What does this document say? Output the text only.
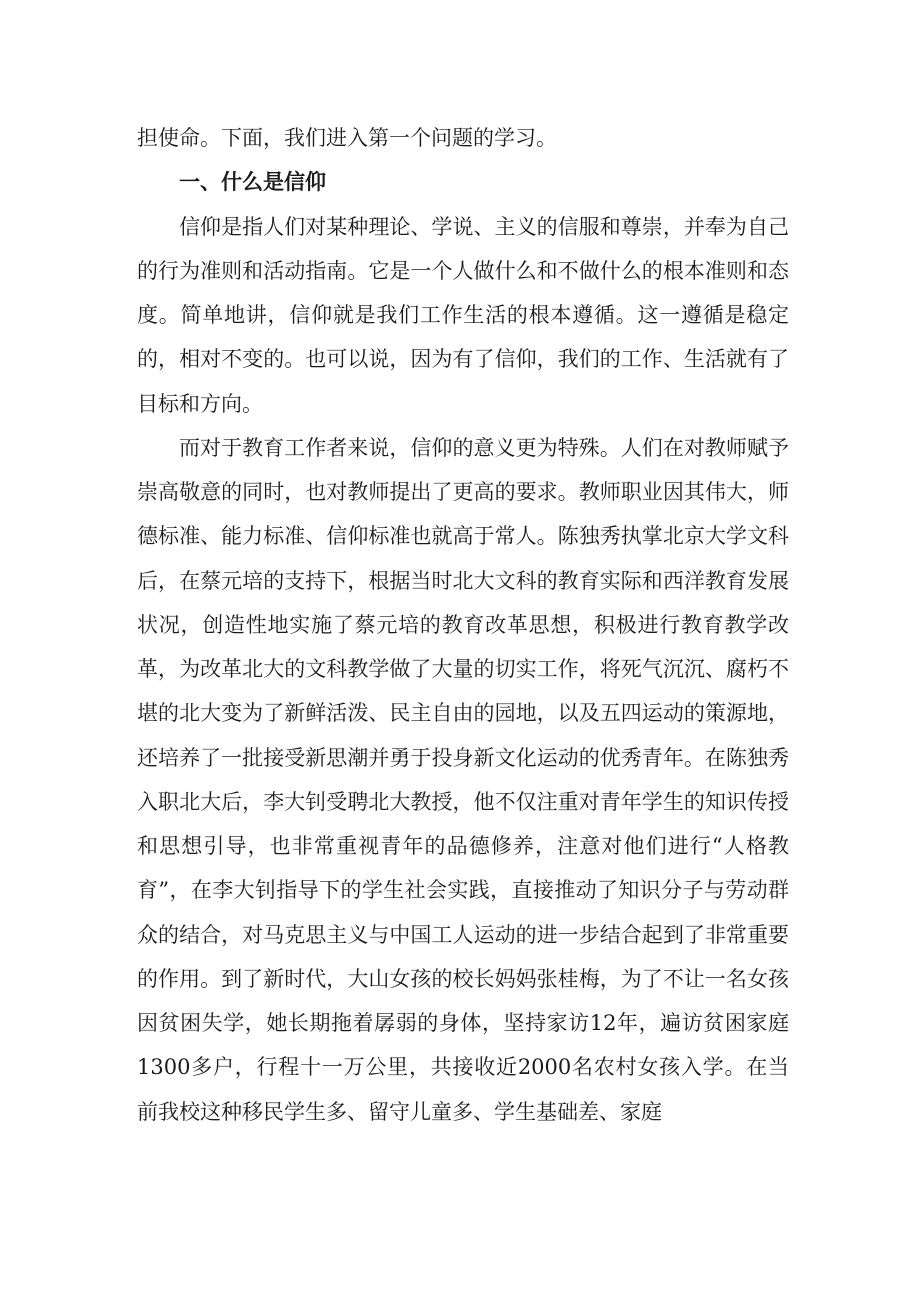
担使命。下面，我们进入第一个问题的学习。

一、什么是信仰

信仰是指人们对某种理论、学说、主义的信服和尊崇，并奉为自己的行为准则和活动指南。它是一个人做什么和不做什么的根本准则和态度。简单地讲，信仰就是我们工作生活的根本遵循。这一遵循是稳定的，相对不变的。也可以说，因为有了信仰，我们的工作、生活就有了目标和方向。

而对于教育工作者来说，信仰的意义更为特殊。人们在对教师赋予崇高敬意的同时，也对教师提出了更高的要求。教师职业因其伟大，师德标准、能力标准、信仰标准也就高于常人。陈独秀执掌北京大学文科后，在蔡元培的支持下，根据当时北大文科的教育实际和西洋教育发展状况，创造性地实施了蔡元培的教育改革思想，积极进行教育教学改革，为改革北大的文科教学做了大量的切实工作，将死气沉沉、腐朽不堪的北大变为了新鲜活泼、民主自由的园地，以及五四运动的策源地，还培养了一批接受新思潮并勇于投身新文化运动的优秀青年。在陈独秀入职北大后，李大钊受聘北大教授，他不仅注重对青年学生的知识传授和思想引导，也非常重视青年的品德修养，注意对他们进行“人格教育”，在李大钊指导下的学生社会实践，直接推动了知识分子与劳动群众的结合，对马克思主义与中国工人运动的进一步结合起到了非常重要的作用。到了新时代，大山女孩的校长妈妈张桂梅，为了不让一名女孩因贫困失学，她长期拖着孱弱的身体，坚持家访12年，遍访贫困家庭1300多户，行程十一万公里，共接收近2000名农村女孩入学。在当前我校这种移民学生多、留守儿童多、学生基础差、家庭
